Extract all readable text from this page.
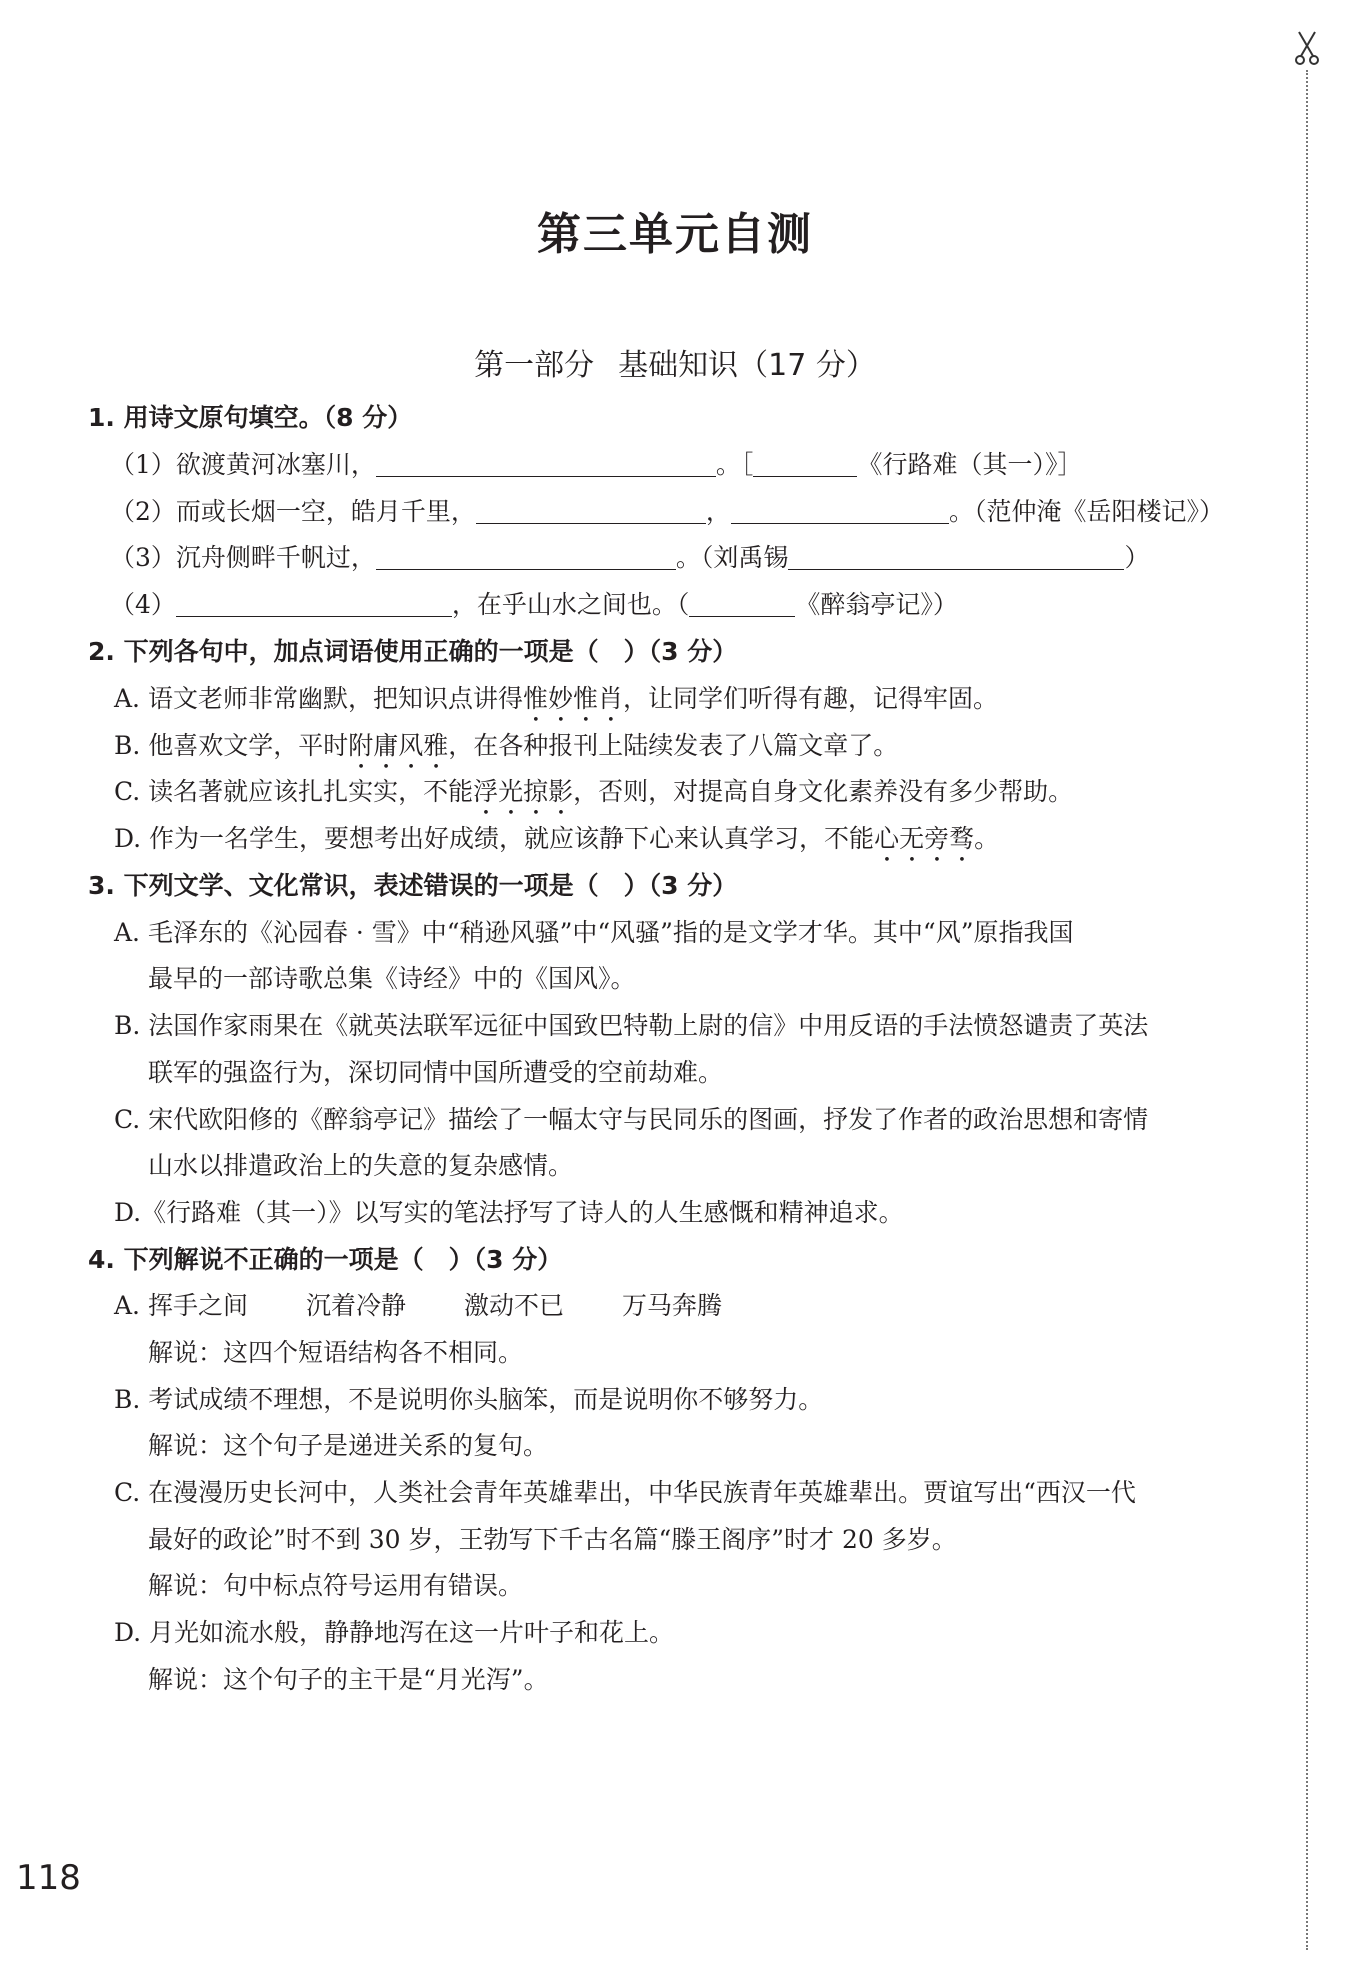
第三单元自测
第一部分 基础知识（17 分）
1. 用诗文原句填空。（8 分）
（1）欲渡黄河冰塞川，	。［	《行路难（其一）》］
（2）而或长烟一空，皓月千里，	，	。（范仲淹《岳阳楼记》）
（3）沉舟侧畔千帆过，	。（刘禹锡	）
（4）	，在乎山水之间也。（	《醉翁亭记》）
2. 下列各句中，加点词语使用正确的一项是（　）（3 分）
A. 语文老师非常幽默，把知识点讲得惟妙惟肖，让同学们听得有趣，记得牢固。
B. 他喜欢文学，平时附庸风雅，在各种报刊上陆续发表了八篇文章了。
C. 读名著就应该扎扎实实，不能浮光掠影，否则，对提高自身文化素养没有多少帮助。
D. 作为一名学生，要想考出好成绩，就应该静下心来认真学习，不能心无旁骛。
3. 下列文学、文化常识，表述错误的一项是（　）（3 分）
A. 毛泽东的《沁园春 · 雪》中“稍逊风骚”中“风骚”指的是文学才华。其中“风”原指我国
最早的一部诗歌总集《诗经》中的《国风》。
B. 法国作家雨果在《就英法联军远征中国致巴特勒上尉的信》中用反语的手法愤怒谴责了英法
联军的强盗行为，深切同情中国所遭受的空前劫难。
C. 宋代欧阳修的《醉翁亭记》描绘了一幅太守与民同乐的图画，抒发了作者的政治思想和寄情
山水以排遣政治上的失意的复杂感情。
D.《行路难（其一）》以写实的笔法抒写了诗人的人生感慨和精神追求。
4. 下列解说不正确的一项是（　）（3 分）
A. 挥手之间 沉着冷静 激动不已 万马奔腾
解说：这四个短语结构各不相同。
B. 考试成绩不理想，不是说明你头脑笨，而是说明你不够努力。
解说：这个句子是递进关系的复句。
C. 在漫漫历史长河中，人类社会青年英雄辈出，中华民族青年英雄辈出。贾谊写出“西汉一代
最好的政论”时不到 30 岁，王勃写下千古名篇“滕王阁序”时才 20 多岁。
解说：句中标点符号运用有错误。
D. 月光如流水般，静静地泻在这一片叶子和花上。
解说：这个句子的主干是“月光泻”。
118
